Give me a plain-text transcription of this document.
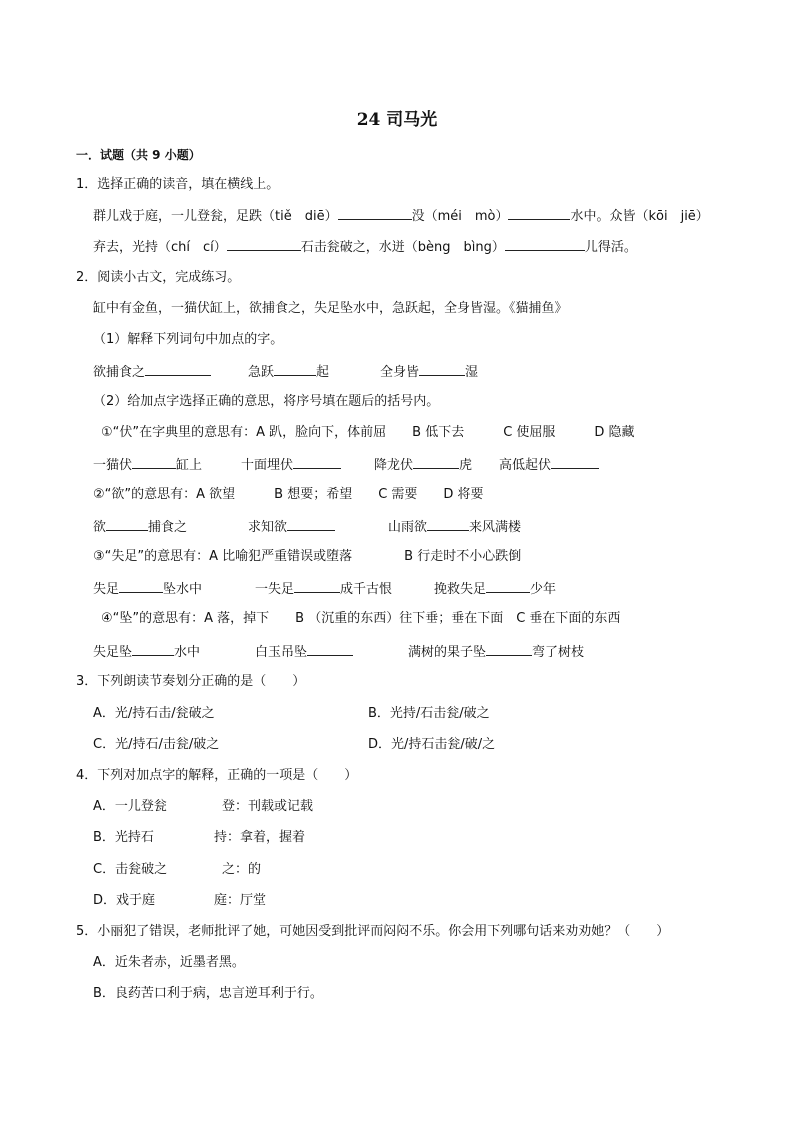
24 司马光
一．试题（共 9 小题）
1．选择正确的读音，填在横线上。
群儿戏于庭，一儿登瓮，足跌（tiě　diē）	没（méi　mò）	水中。众皆（kōi　jiē）
弃去，光持（chí　cí）	石击瓮破之，水迸（bèng　bìng）	儿得活。
2．阅读小古文，完成练习。
缸中有金鱼，一猫伏缸上，欲捕食之，失足坠水中，急跃起，全身皆湿。《猫捕鱼》
（1）解释下列词句中加点的字。
欲捕食之	急跃	起	全身皆	湿
（2）给加点字选择正确的意思，将序号填在题后的括号内。
①“伏”在字典里的意思有：A 趴，脸向下，体前屈　　B 低下去　　　C 使屈服　　　D 隐藏
一猫伏	缸上	十面埋伏	降龙伏	虎 高低起伏
②“欲”的意思有：A 欲望　　　B 想要；希望　　C 需要　　D 将要
欲	捕食之	求知欲	山雨欲	来风满楼
③“失足”的意思有：A 比喻犯严重错误或堕落　　　　B 行走时不小心跌倒
失足	坠水中	一失足	成千古恨	挽救失足	少年
④“坠”的意思有：A 落，掉下　　B （沉重的东西）往下垂；垂在下面　C 垂在下面的东西
失足坠	水中	白玉吊坠	满树的果子坠	弯了树枝
3．下列朗读节奏划分正确的是（　　）
A．光/持石击/瓮破之	B．光持/石击瓮/破之
C．光/持石/击瓮/破之	D．光/持石击瓮/破/之
4．下列对加点字的解释，正确的一项是（　　）
A．一儿登瓮	登：刊载或记载
B．光持石	持：拿着，握着
C．击瓮破之	之：的
D．戏于庭	庭：厅堂
5．小丽犯了错误，老师批评了她，可她因受到批评而闷闷不乐。你会用下列哪句话来劝劝她？（　　）
A．近朱者赤，近墨者黑。
B．良药苦口利于病，忠言逆耳利于行。
